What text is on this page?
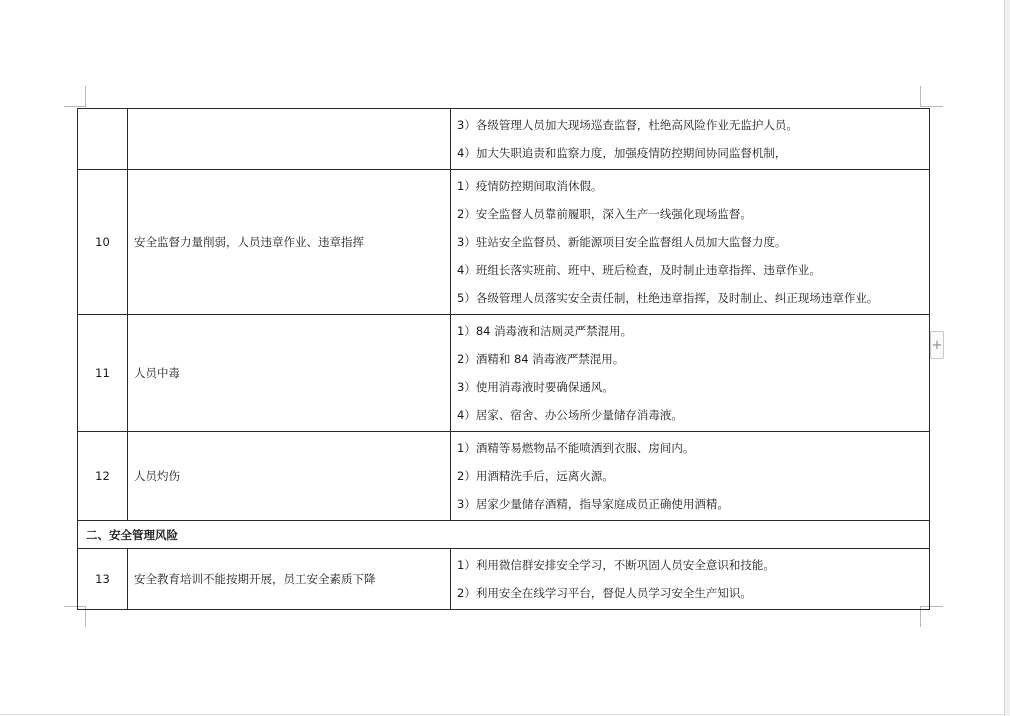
		3）各级管理人员加大现场巡查监督，杜绝高风险作业无监护人员。
4）加大失职追责和监察力度，加强疫情防控期间协同监督机制，

10	安全监督力量削弱，人员违章作业、违章指挥	1）疫情防控期间取消休假。
2）安全监督人员靠前履职，深入生产一线强化现场监督。
3）驻站安全监督员、新能源项目安全监督组人员加大监督力度。
4）班组长落实班前、班中、班后检查，及时制止违章指挥、违章作业。
5）各级管理人员落实安全责任制，杜绝违章指挥，及时制止、纠正现场违章作业。

11	人员中毒	1）84 消毒液和洁厕灵严禁混用。
2）酒精和 84 消毒液严禁混用。
3）使用消毒液时要确保通风。
4）居家、宿舍、办公场所少量储存消毒液。

12	人员灼伤	1）酒精等易燃物品不能喷洒到衣服、房间内。
2）用酒精洗手后，远离火源。
3）居家少量储存酒精，指导家庭成员正确使用酒精。

二、安全管理风险		
13	安全教育培训不能按期开展，员工安全素质下降	1）利用微信群安排安全学习，不断巩固人员安全意识和技能。
2）利用安全在线学习平台，督促人员学习安全生产知识。
+
